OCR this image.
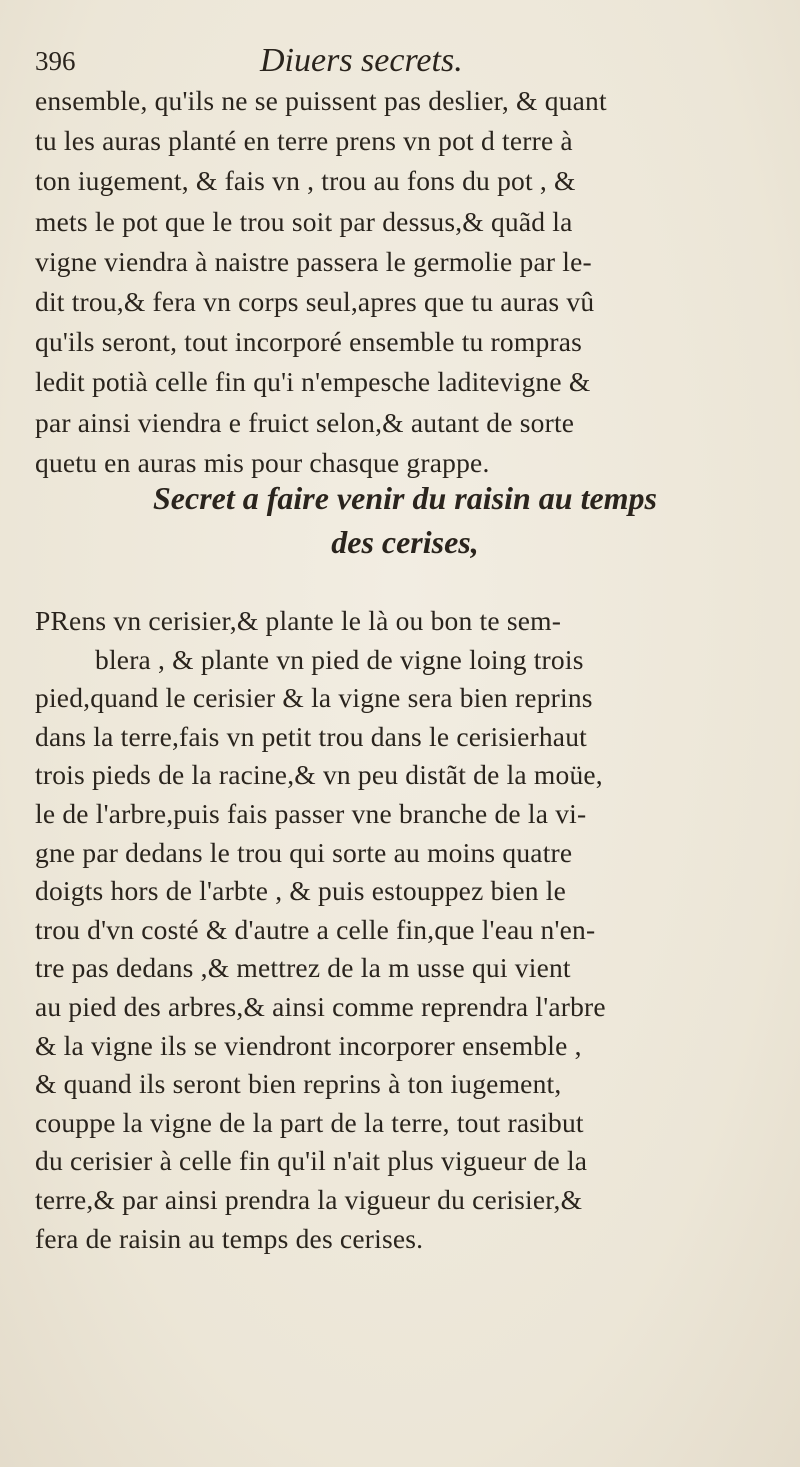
396	Diuers secrets.
ensemble, qu'ils ne se puissent pas deslier, & quant
tu les auras planté en terre prens vn pot d terre à
ton iugement, & fais vn , trou au fons du pot , &
mets le pot que le trou soit par dessus,& quãd la
vigne viendra à naistre passera le germolie par le-
dit trou,& fera vn corps seul,apres que tu auras vû
qu'ils seront, tout incorporé ensemble tu rompras
ledit potià celle fin qu'i n'empesche laditevigne &
par ainsi viendra e fruict selon,& autant de sorte
quetu en auras mis pour chasque grappe.
Secret a faire venir du raisin au temps
des cerises,
PRens vn cerisier,& plante le là ou bon te sem-
blera , & plante vn pied de vigne loing trois
pied,quand le cerisier & la vigne sera bien reprins
dans la terre,fais vn petit trou dans le cerisierhaut
trois pieds de la racine,& vn peu distãt de la moüe,
le de l'arbre,puis fais passer vne branche de la vi-
gne par dedans le trou qui sorte au moins quatre
doigts hors de l'arbte , & puis estouppez bien le
trou d'vn costé & d'autre a celle fin,que l'eau n'en-
tre pas dedans ,& mettrez de la m usse qui vient
au pied des arbres,& ainsi comme reprendra l'arbre
& la vigne ils se viendront incorporer ensemble ,
& quand ils seront bien reprins à ton iugement,
couppe la vigne de la part de la terre, tout rasibut
du cerisier à celle fin qu'il n'ait plus vigueur de la
terre,& par ainsi prendra la vigueur du cerisier,&
fera de raisin au temps des cerises.
